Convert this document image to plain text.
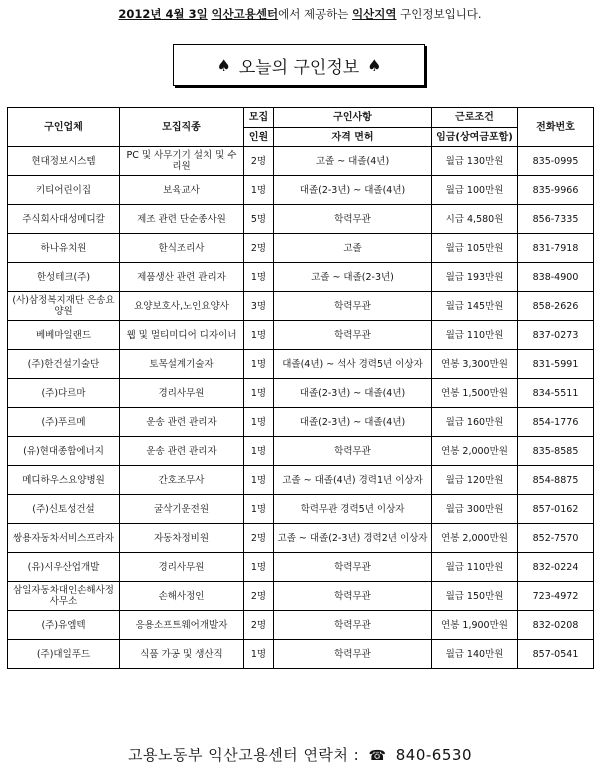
2012년 4월 3일 익산고용센터에서 제공하는 익산지역 구인정보입니다.
♠ 오늘의 구인정보 ♠
구인업체	모집직종	모집	구인사항	근로조건	전화번호
		인원	자격 면허	임금(상여금포함)	
현대정보시스템	PC 및 사무기기 설치 및 수리원	2명	고졸 ~ 대졸(4년)	월급 130만원	835-0995
키티어린이집	보육교사	1명	대졸(2-3년) ~ 대졸(4년)	월급 100만원	835-9966
주식회사대성메디칼	제조 관련 단순종사원	5명	학력무관	시급 4,580원	856-7335
하나유치원	한식조리사	2명	고졸	월급 105만원	831-7918
한성테크(주)	제품생산 관련 관리자	1명	고졸 ~ 대졸(2-3년)	월급 193만원	838-4900
(사)삼정복지재단 은송요양원	요양보호사,노인요양사	3명	학력무관	월급 145만원	858-2626
베베마일랜드	웹 및 멀티미디어 디자이너	1명	학력무관	월급 110만원	837-0273
(주)한건설기술단	토목설계기술자	1명	대졸(4년) ~ 석사 경력5년 이상자	연봉 3,300만원	831-5991
(주)다르마	경리사무원	1명	대졸(2-3년) ~ 대졸(4년)	연봉 1,500만원	834-5511
(주)푸르메	운송 관련 관리자	1명	대졸(2-3년) ~ 대졸(4년)	월급 160만원	854-1776
(유)현대종합에너지	운송 관련 관리자	1명	학력무관	연봉 2,000만원	835-8585
메디하우스요양병원	간호조무사	1명	고졸 ~ 대졸(4년) 경력1년 이상자	월급 120만원	854-8875
(주)신토성건설	굴삭기운전원	1명	학력무관 경력5년 이상자	월급 300만원	857-0162
쌍용자동차서비스프라자	자동차정비원	2명	고졸 ~ 대졸(2-3년) 경력2년 이상자	연봉 2,000만원	852-7570
(유)시우산업개발	경리사무원	1명	학력무관	월급 110만원	832-0224
삼일자동차대인손해사정 사무소	손해사정인	2명	학력무관	월급 150만원	723-4972
(주)유엠텍	응용소프트웨어개발자	2명	학력무관	연봉 1,900만원	832-0208
(주)대일푸드	식품 가공 및 생산직	1명	학력무관	월급 140만원	857-0541
고용노동부 익산고용센터 연락처 : ☎ 840-6530
